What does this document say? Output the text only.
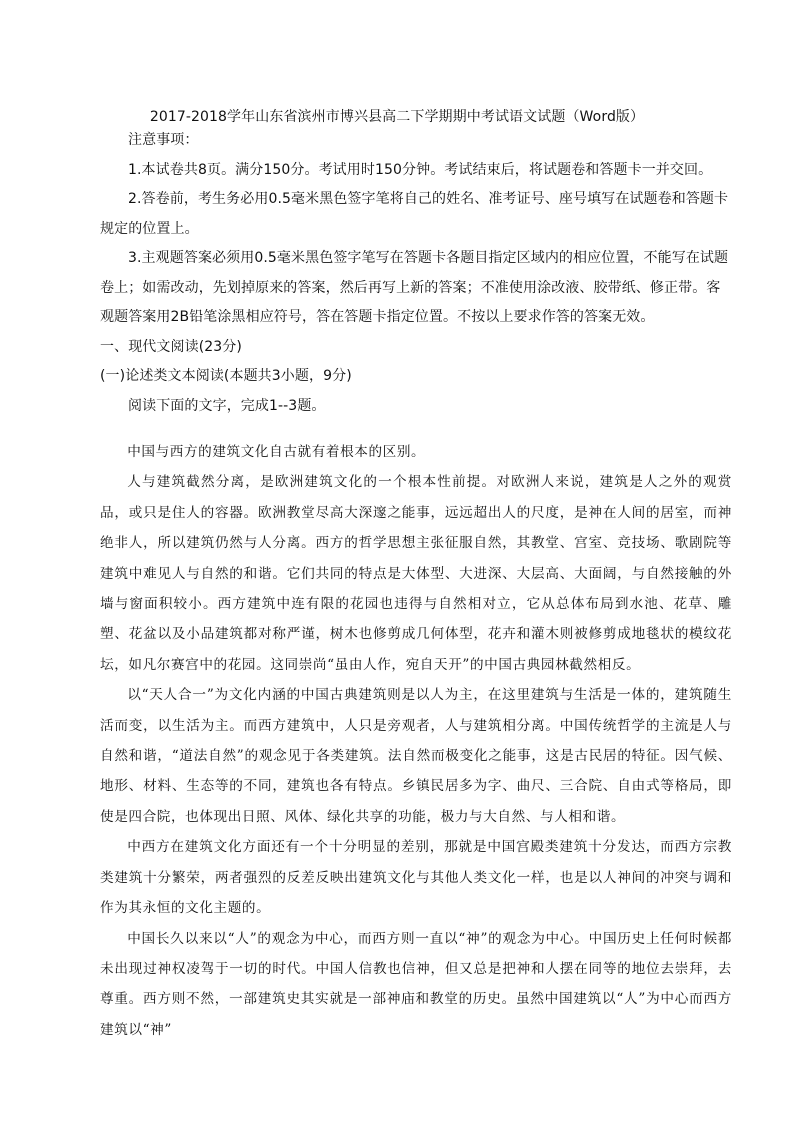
2017-2018学年山东省滨州市博兴县高二下学期期中考试语文试题（Word版）

注意事项：

1.本试卷共8页。满分150分。考试用时150分钟。考试结束后，将试题卷和答题卡一并交回。

2.答卷前，考生务必用0.5毫米黑色签字笔将自己的姓名、准考证号、座号填写在试题卷和答题卡规定的位置上。

3.主观题答案必须用0.5毫米黑色签字笔写在答题卡各题目指定区域内的相应位置，不能写在试题卷上；如需改动，先划掉原来的答案，然后再写上新的答案；不准使用涂改液、胶带纸、修正带。客观题答案用2B铅笔涂黑相应符号，答在答题卡指定位置。不按以上要求作答的答案无效。

一、现代文阅读(23分)

(一)论述类文本阅读(本题共3小题，9分)

阅读下面的文字，完成1--3题。

中国与西方的建筑文化自古就有着根本的区别。

人与建筑截然分离，是欧洲建筑文化的一个根本性前提。对欧洲人来说，建筑是人之外的观赏品，或只是住人的容器。欧洲教堂尽高大深邃之能事，远远超出人的尺度，是神在人间的居室，而神绝非人，所以建筑仍然与人分离。西方的哲学思想主张征服自然，其教堂、宫室、竞技场、歌剧院等建筑中难见人与自然的和谐。它们共同的特点是大体型、大进深、大层高、大面阔，与自然接触的外墙与窗面积较小。西方建筑中连有限的花园也违得与自然相对立，它从总体布局到水池、花草、雕塑、花盆以及小品建筑都对称严谨，树木也修剪成几何体型，花卉和灌木则被修剪成地毯状的模纹花坛，如凡尔赛宫中的花园。这同崇尚“虽由人作，宛自天开”的中国古典园林截然相反。

以“天人合一”为文化内涵的中国古典建筑则是以人为主，在这里建筑与生活是一体的，建筑随生活而变，以生活为主。而西方建筑中，人只是旁观者，人与建筑相分离。中国传统哲学的主流是人与自然和谐，“道法自然”的观念见于各类建筑。法自然而极变化之能事，这是古民居的特征。因气候、地形、材料、生态等的不同，建筑也各有特点。乡镇民居多为字、曲尺、三合院、自由式等格局，即使是四合院，也体现出日照、风体、绿化共享的功能，极力与大自然、与人相和谐。

中西方在建筑文化方面还有一个十分明显的差别，那就是中国宫殿类建筑十分发达，而西方宗教类建筑十分繁荣，两者强烈的反差反映出建筑文化与其他人类文化一样，也是以人神间的冲突与调和作为其永恒的文化主题的。

中国长久以来以“人”的观念为中心，而西方则一直以“神”的观念为中心。中国历史上任何时候都未出现过神权凌驾于一切的时代。中国人信教也信神，但又总是把神和人摆在同等的地位去崇拜，去尊重。西方则不然，一部建筑史其实就是一部神庙和教堂的历史。虽然中国建筑以“人”为中心而西方建筑以“神”
